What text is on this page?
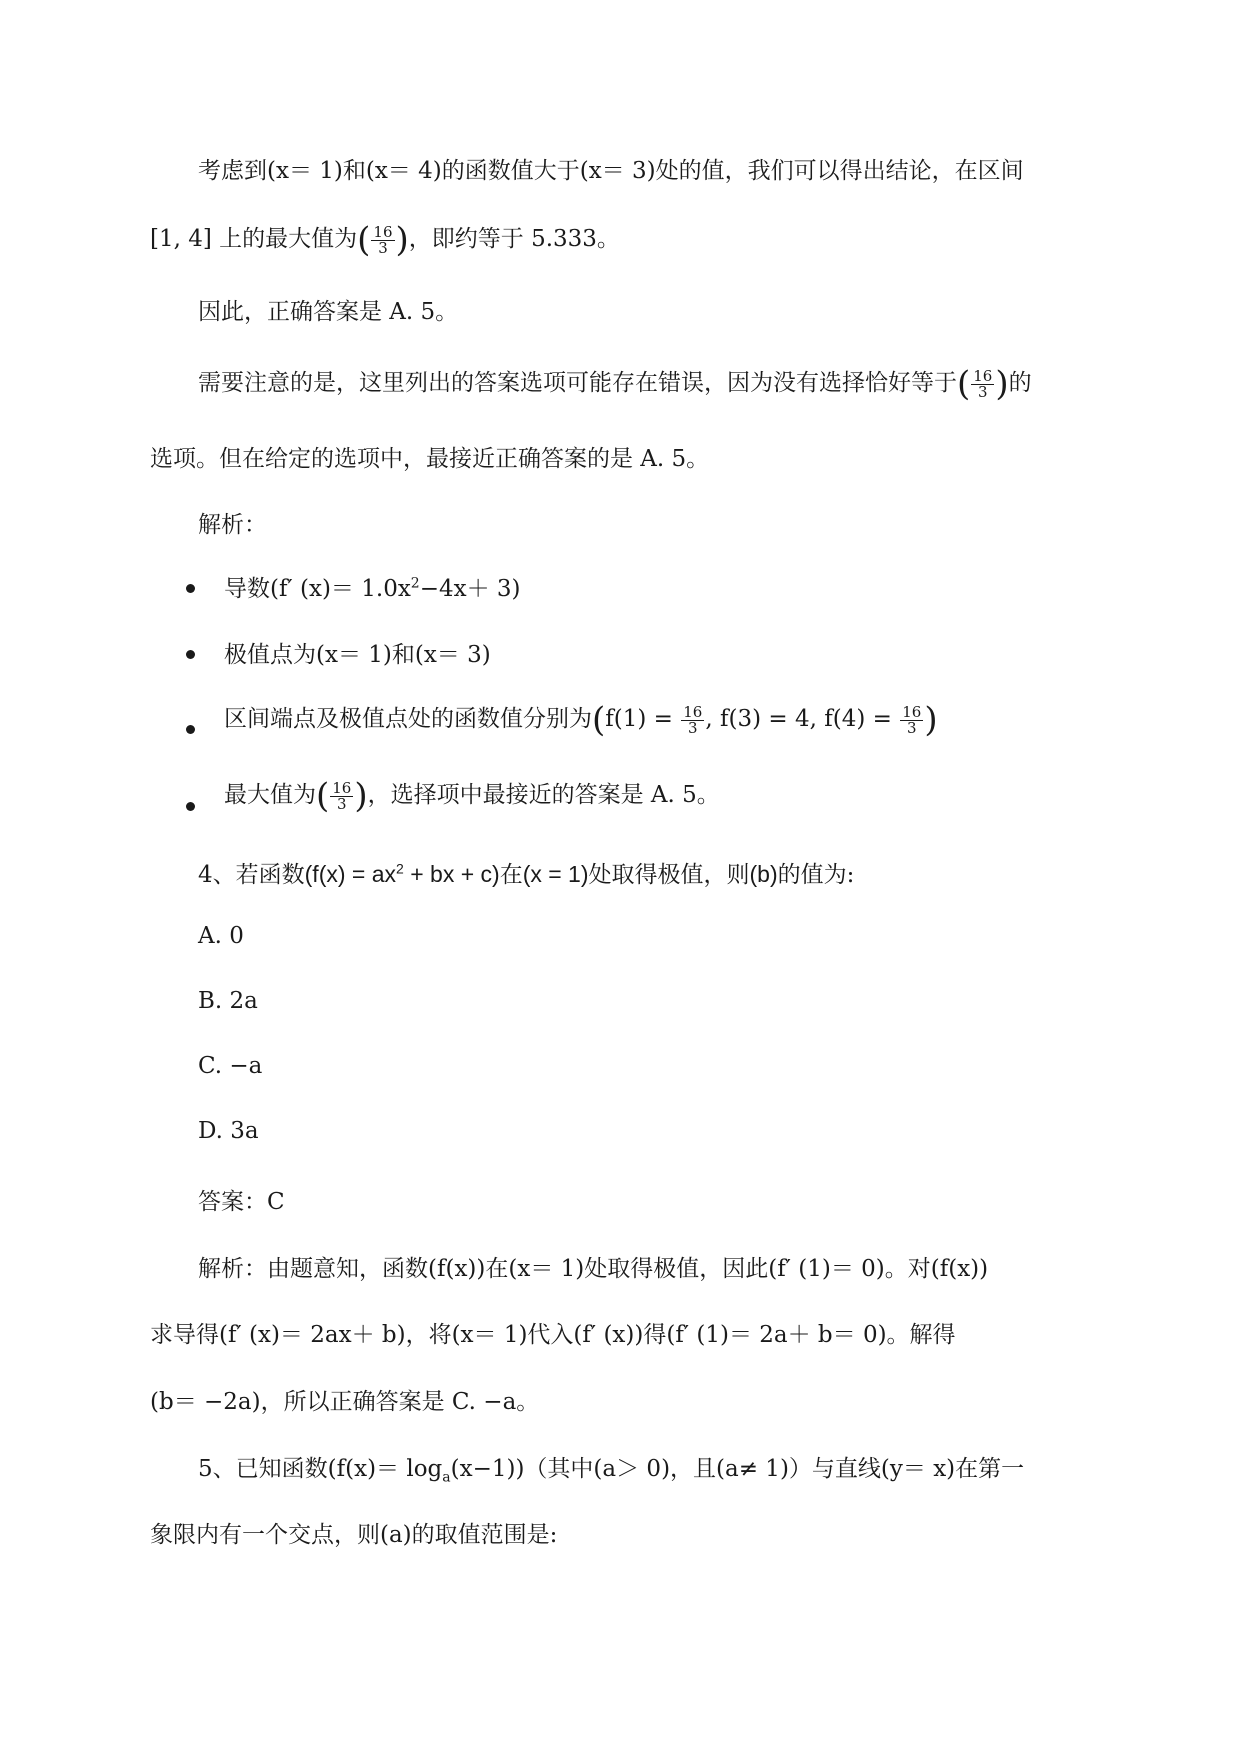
考虑到(x＝ 1)和(x＝ 4)的函数值大于(x＝ 3)处的值，我们可以得出结论，在区间
[1, 4] 上的最大值为( $\frac{16}{3}$ )，即约等于 5.333。
因此，正确答案是 A. 5。
需要注意的是，这里列出的答案选项可能存在错误，因为没有选择恰好等于( $\frac{16}{3}$ )的
选项。但在给定的选项中，最接近正确答案的是 A. 5。
解析：
导数(f′ $(x)= 1.0x^2-4x+ 3$)
极值点为(x＝ 1)和(x＝ 3)
区间端点及极值点处的函数值分别为($f(1) = \frac{16}{3}$ , f(3) = 4, $f(4) = \frac{16}{3}$ )
最大值为( $\frac{16}{3}$ )，选择项中最接近的答案是 A. 5。
4、若函数($f(x) = ax^2$ + bx + c)在(x = 1)处取得极值，则(b)的值为:
A. 0
B. 2a
C. −a
D. 3a
答案：C
解析：由题意知，函数(f(x))在(x＝ 1)处取得极值，因此(f′ (1)＝ 0)。对(f(x))
求导得(f′ (x)＝ 2ax＋ b)，将(x＝ 1)代入(f′ (x))得(f′ (1)＝ 2a＋ b＝ 0)。解得
(b＝ −2a)，所以正确答案是 C. −a。
5、已知函数$(f(x)= \log_a(x-1))$（其中(a＞ 0)，且(a≠ 1)）与直线(y＝ x)在第一
象限内有一个交点，则(a)的取值范围是:
